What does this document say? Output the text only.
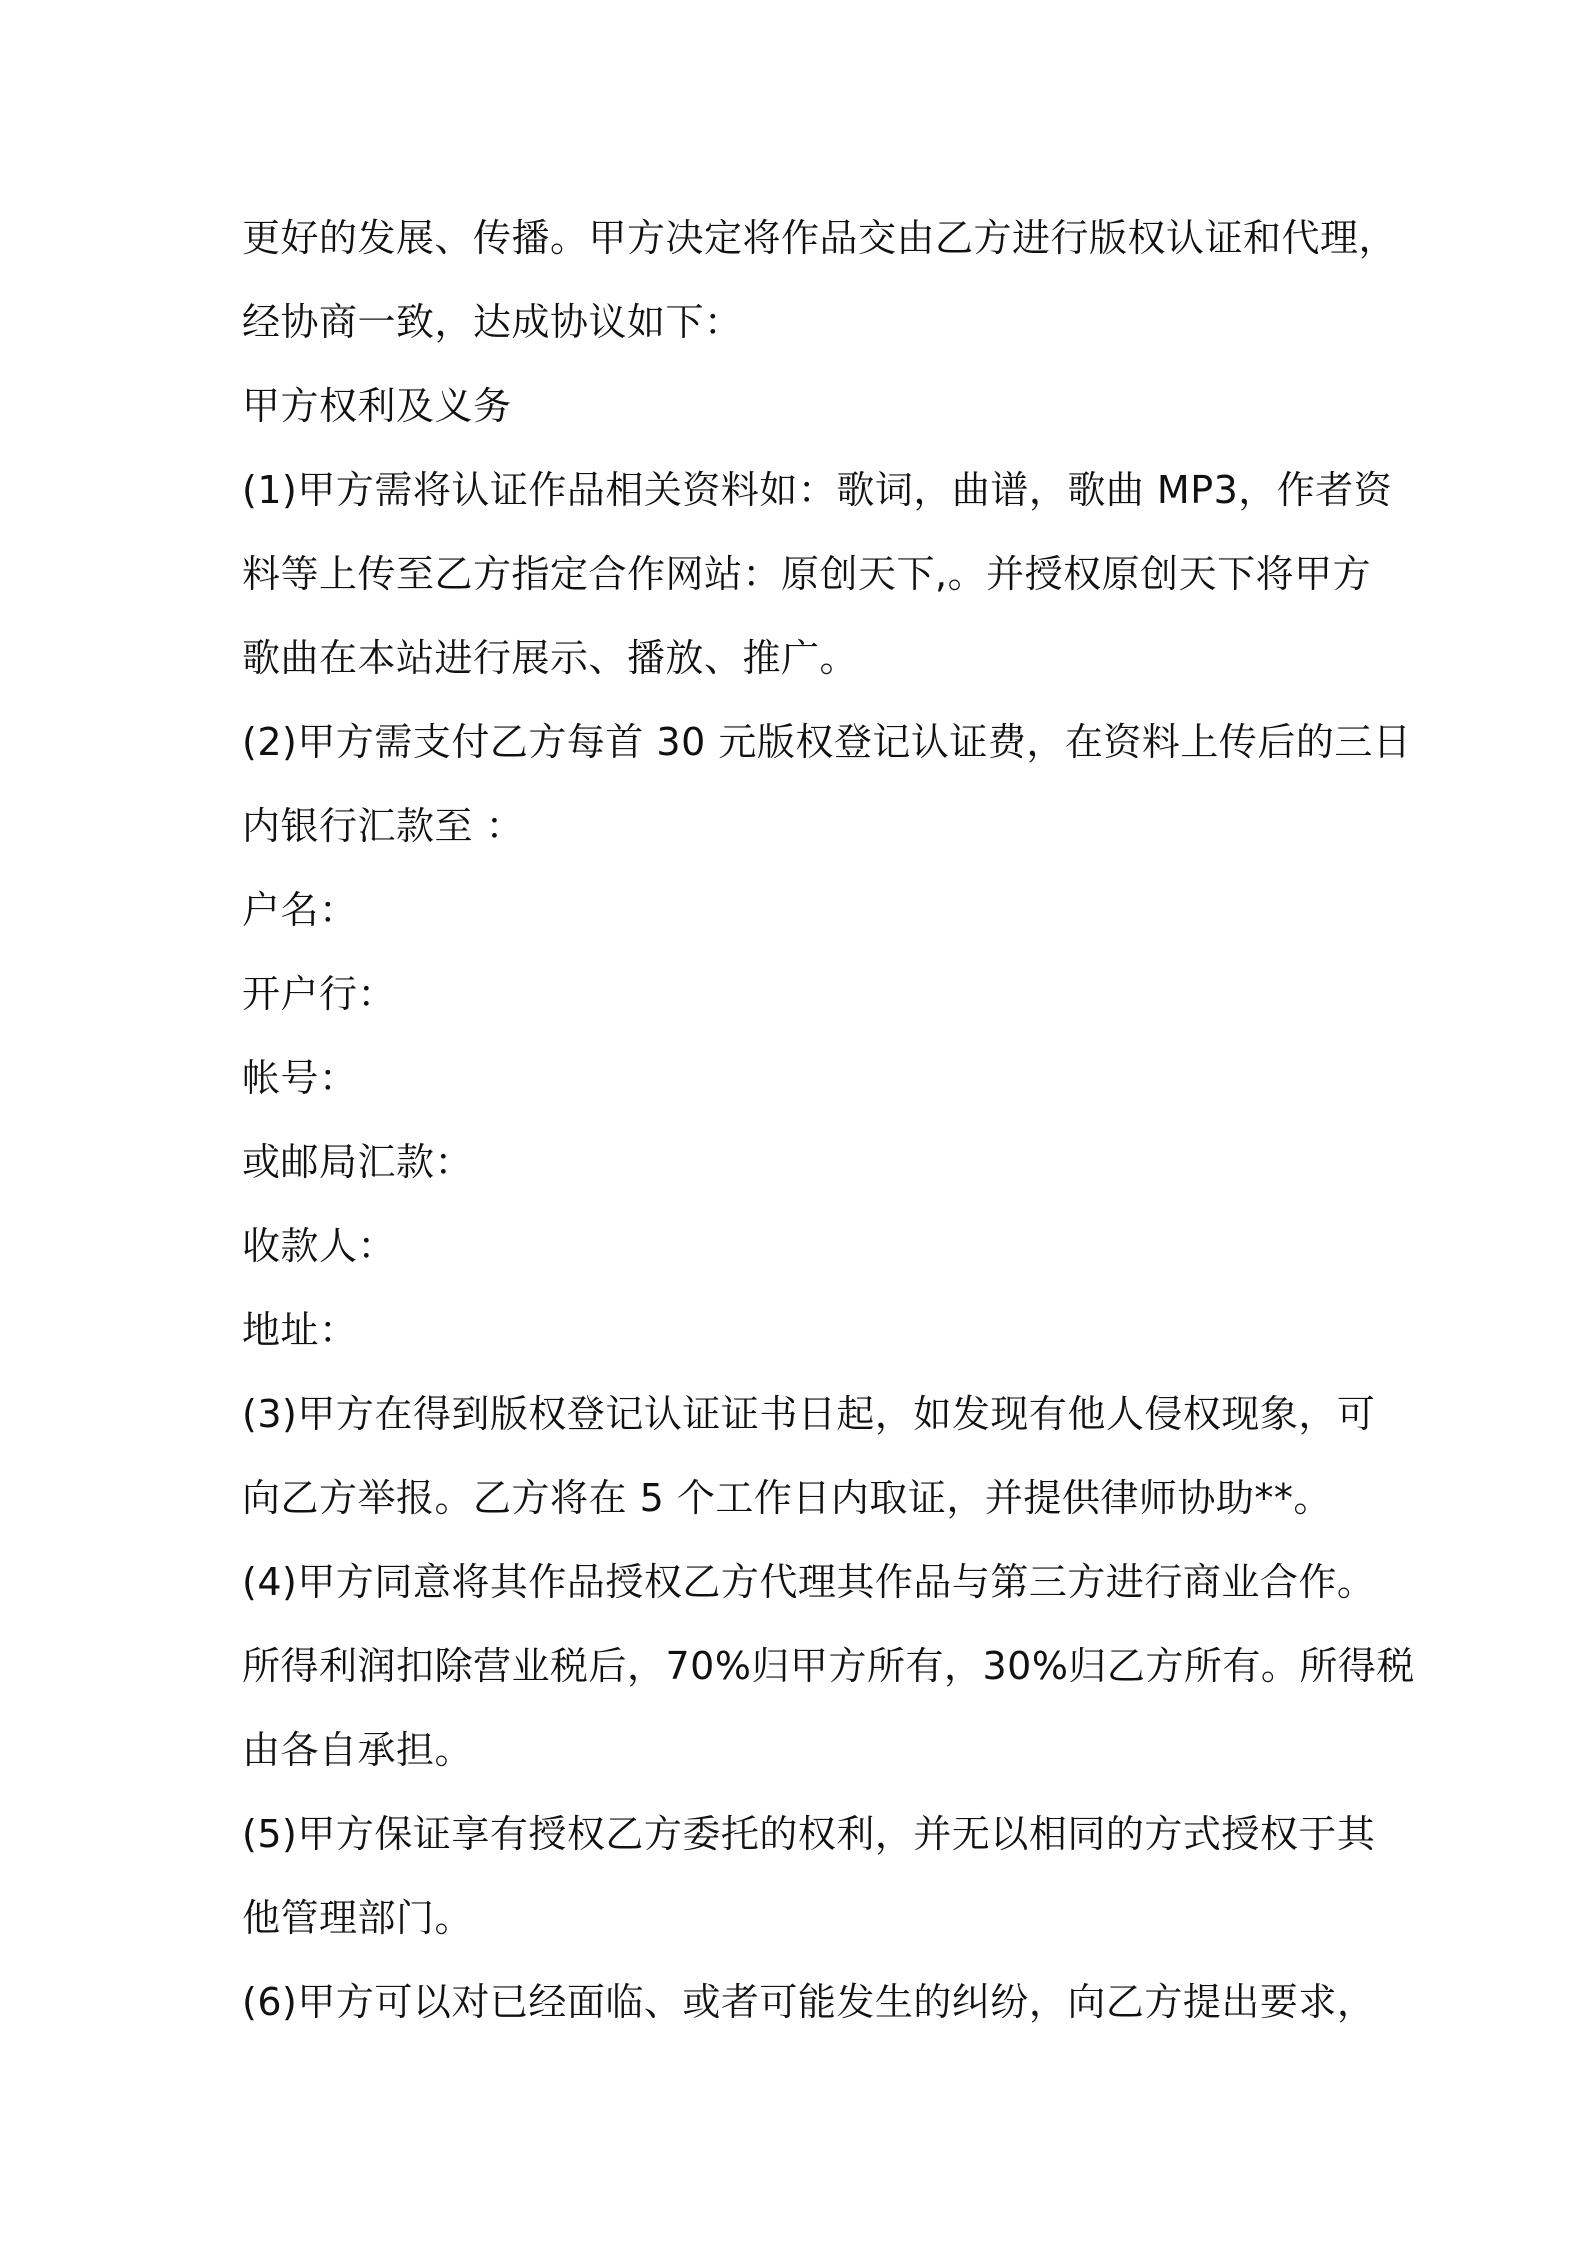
更好的发展、传播。甲方决定将作品交由乙方进行版权认证和代理，
经协商一致，达成协议如下：
甲方权利及义务
(1)甲方需将认证作品相关资料如：歌词，曲谱，歌曲 MP3，作者资
料等上传至乙方指定合作网站：原创天下,。并授权原创天下将甲方
歌曲在本站进行展示、播放、推广。
(2)甲方需支付乙方每首 30 元版权登记认证费，在资料上传后的三日
内银行汇款至 ：
户名：
开户行：
帐号：
或邮局汇款：
收款人：
地址：
(3)甲方在得到版权登记认证证书日起，如发现有他人侵权现象，可
向乙方举报。乙方将在 5 个工作日内取证，并提供律师协助**。
(4)甲方同意将其作品授权乙方代理其作品与第三方进行商业合作。
所得利润扣除营业税后，70%归甲方所有，30%归乙方所有。所得税
由各自承担。
(5)甲方保证享有授权乙方委托的权利，并无以相同的方式授权于其
他管理部门。
(6)甲方可以对已经面临、或者可能发生的纠纷，向乙方提出要求，
